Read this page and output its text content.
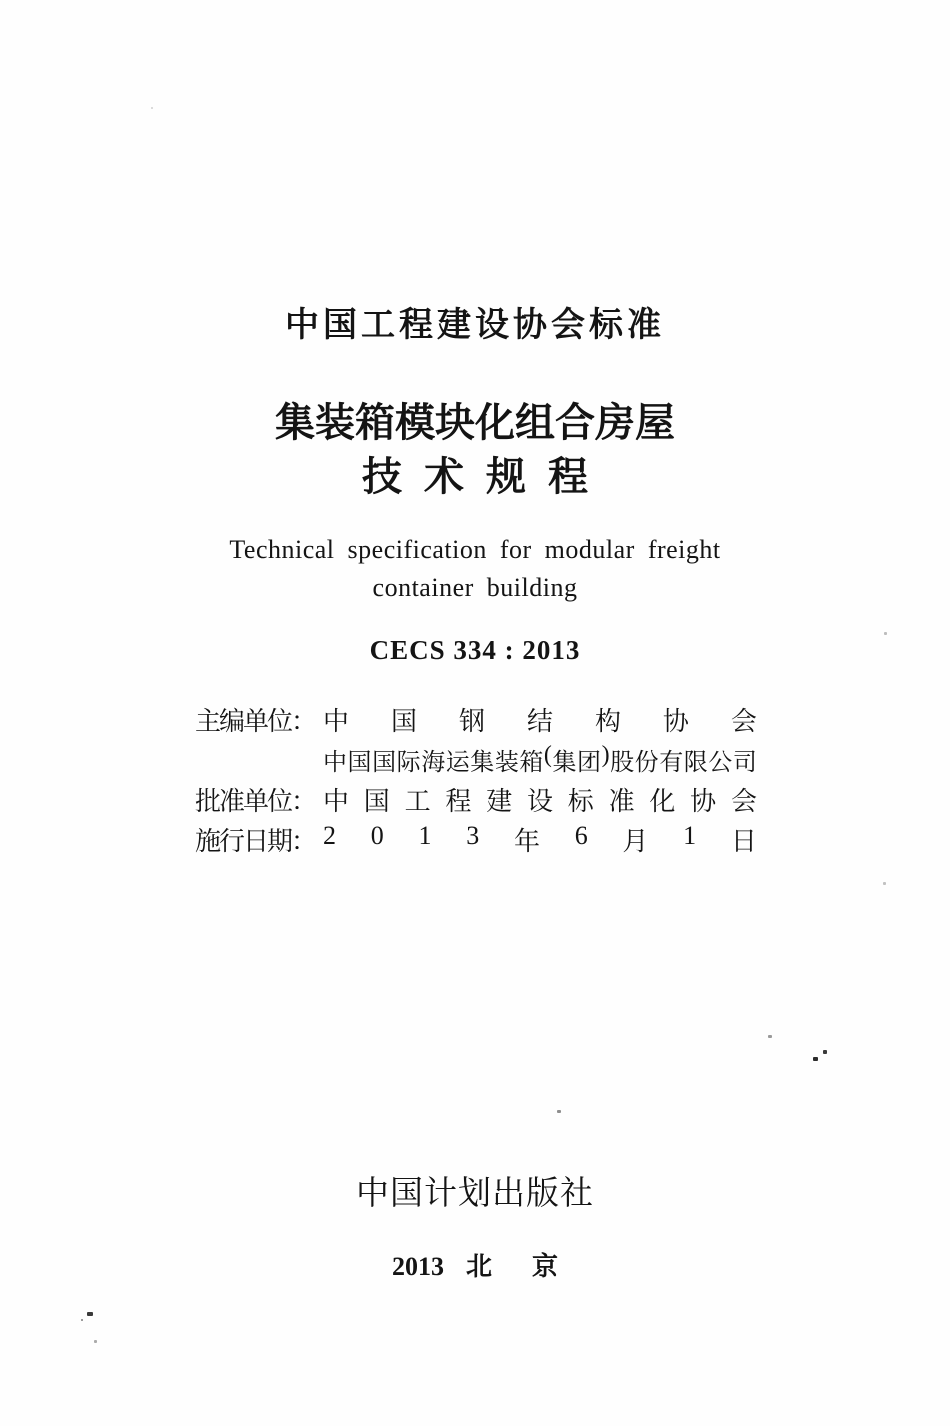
中国工程建设协会标准
集装箱模块化组合房屋
技术规程
Technical specification for modular freight
container building
CECS 334 : 2013
主编单位： 中 国 钢 结 构 协 会
中 国 国 际 海 运 集 装 箱 ( 集 团 ) 股 份 有 限 公 司
批准单位： 中 国 工 程 建 设 标 准 化 协 会
施行日期： 2 0 1 3 年 6 月 1 日
中国计划出版社
2013 北京
